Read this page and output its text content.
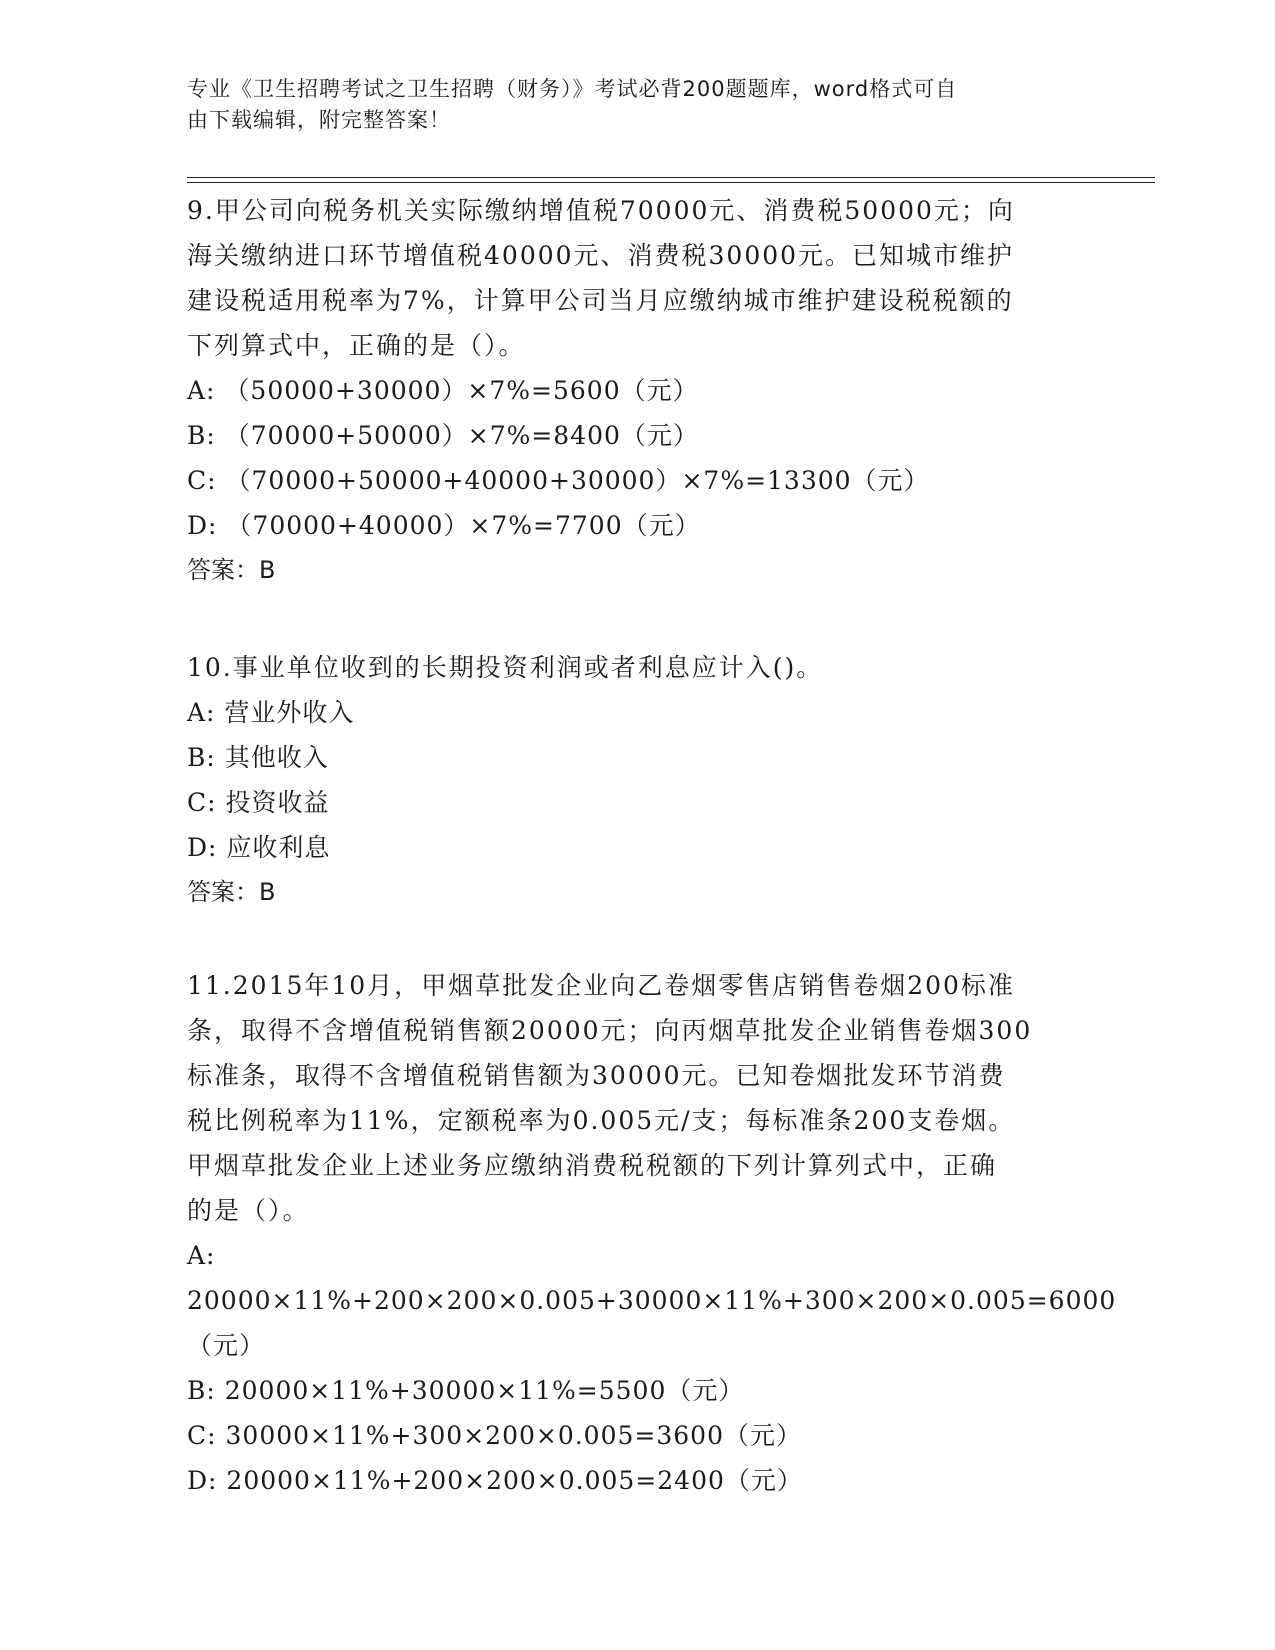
专业《卫生招聘考试之卫生招聘（财务）》考试必背200题题库，word格式可自
由下载编辑，附完整答案！

9.甲公司向税务机关实际缴纳增值税70000元、消费税50000元；向
海关缴纳进口环节增值税40000元、消费税30000元。已知城市维护
建设税适用税率为7%，计算甲公司当月应缴纳城市维护建设税税额的
下列算式中，正确的是（）。

A: （50000+30000）×7%=5600（元）

B: （70000+50000）×7%=8400（元）

C: （70000+50000+40000+30000）×7%=13300（元）

D: （70000+40000）×7%=7700（元）

答案：B

10.事业单位收到的长期投资利润或者利息应计入()。

A: 营业外收入

B: 其他收入

C: 投资收益

D: 应收利息

答案：B

11.2015年10月，甲烟草批发企业向乙卷烟零售店销售卷烟200标准
条，取得不含增值税销售额20000元；向丙烟草批发企业销售卷烟300
标准条，取得不含增值税销售额为30000元。已知卷烟批发环节消费
税比例税率为11%，定额税率为0.005元/支；每标准条200支卷烟。
甲烟草批发企业上述业务应缴纳消费税税额的下列计算列式中，正确
的是（）。

A: 20000×11%+200×200×0.005+30000×11%+300×200×0.005=6000
（元）

B: 20000×11%+30000×11%=5500（元）

C: 30000×11%+300×200×0.005=3600（元）

D: 20000×11%+200×200×0.005=2400（元）
